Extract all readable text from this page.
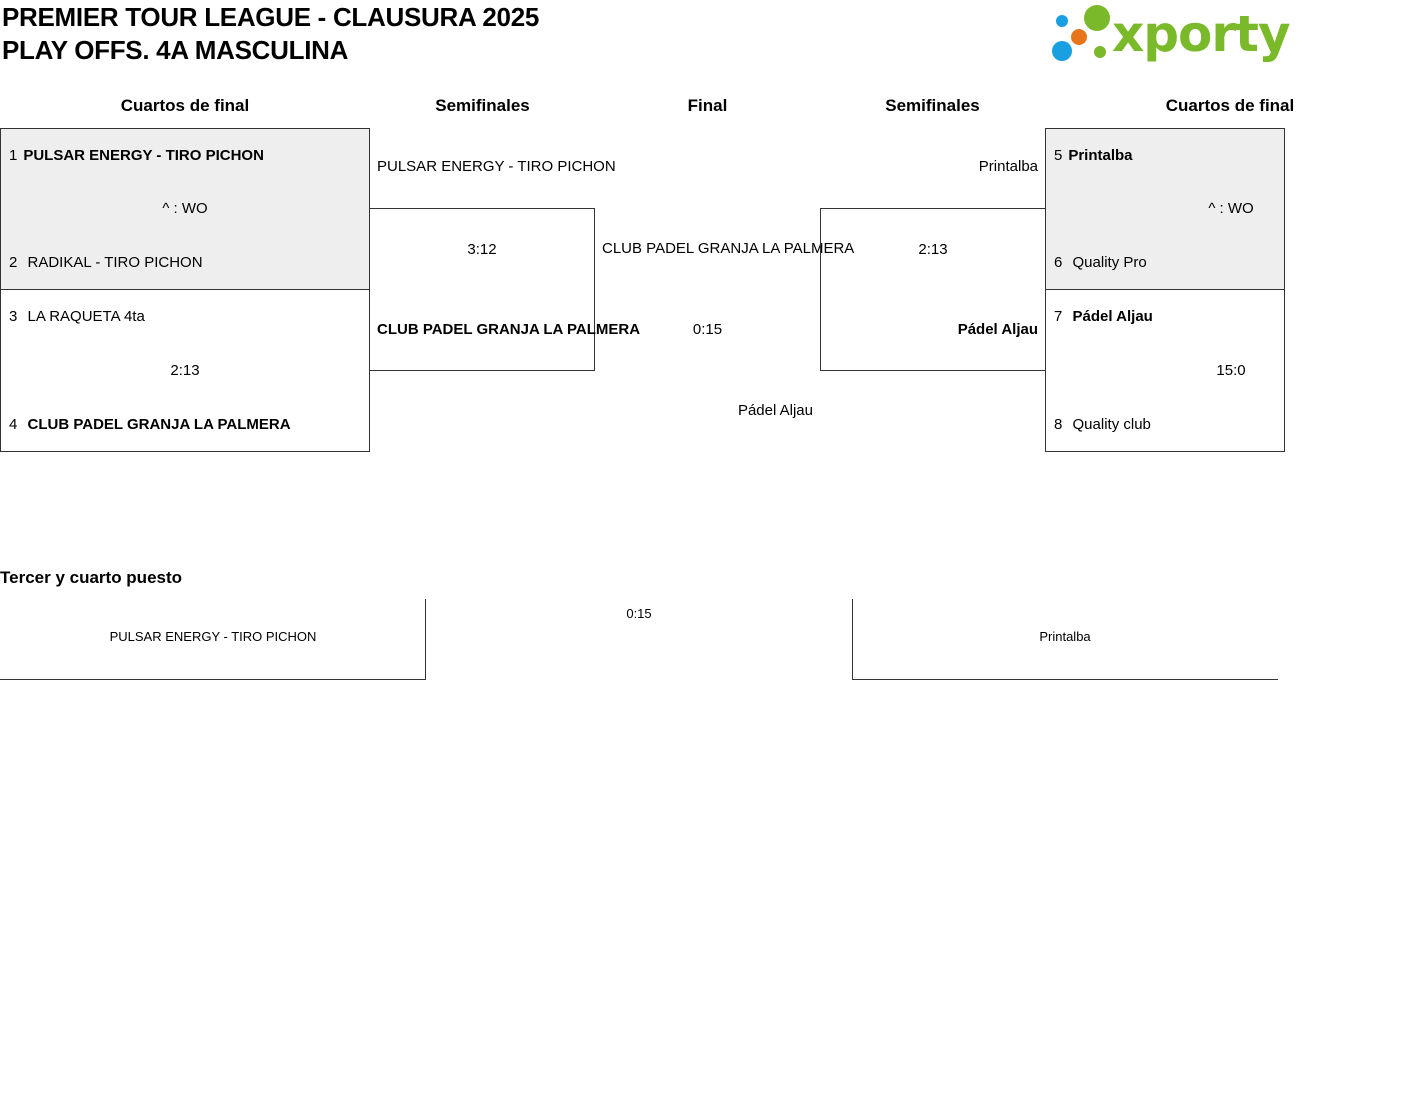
PREMIER TOUR LEAGUE - CLAUSURA 2025
PLAY OFFS. 4A MASCULINA	xporty
Cuartos de final	Semifinales	Final	Semifinales	Cuartos de final
1 PULSAR ENERGY - TIRO PICHON
^ : WO
2 RADIKAL - TIRO PICHON
3 LA RAQUETA 4ta
2:13
4 CLUB PADEL GRANJA LA PALMERA
PULSAR ENERGY - TIRO PICHON
3:12
CLUB PADEL GRANJA LA PALMERA
CLUB PADEL GRANJA LA PALMERA
0:15
Pádel Aljau
Printalba
2:13
Pádel Aljau
5 Printalba
^ : WO
6 Quality Pro
7 Pádel Aljau
15:0
8 Quality club
Tercer y cuarto puesto
PULSAR ENERGY - TIRO PICHON
0:15
Printalba
